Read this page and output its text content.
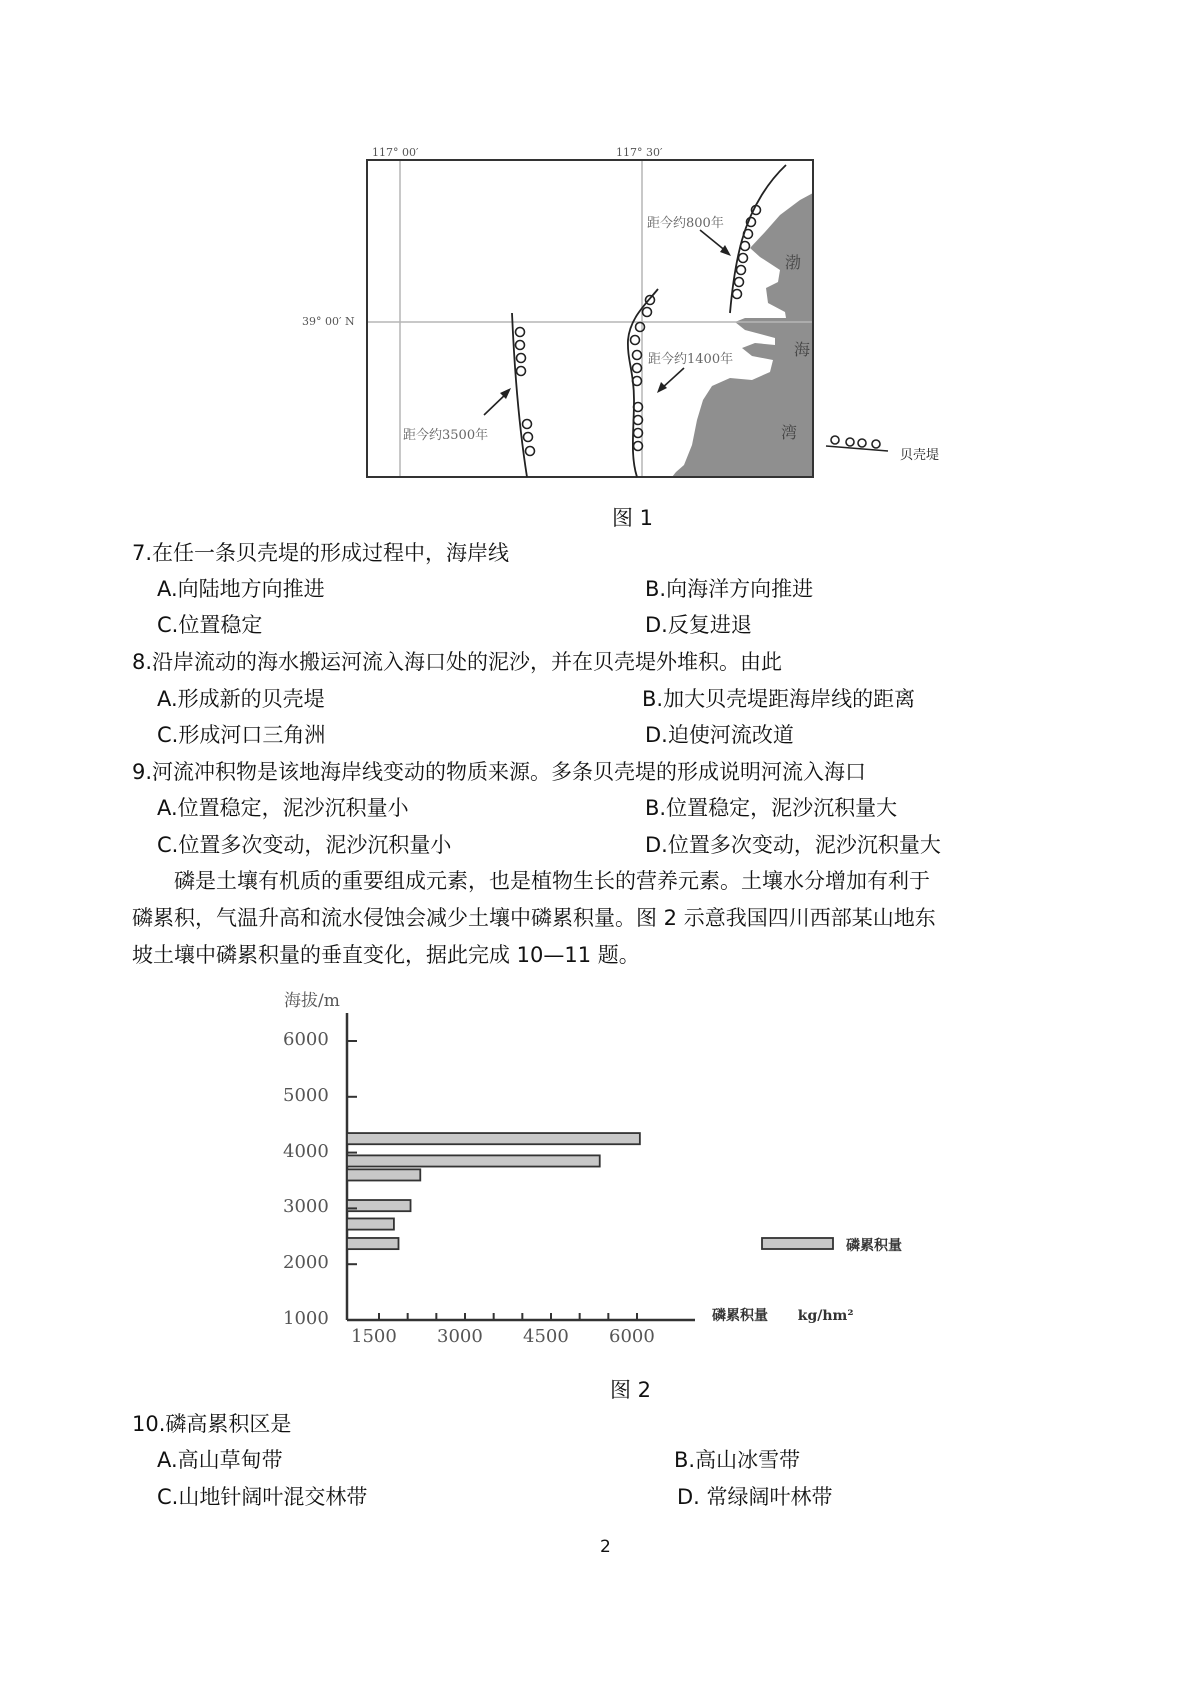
117° 00′	117° 30′
39° 00′ N
距今约800年
距今约1400年
距今约3500年
渤
海
湾
贝壳堤
图 1
7.在任一条贝壳堤的形成过程中，海岸线
A.向陆地方向推进	B.向海洋方向推进
C.位置稳定	D.反复进退
8.沿岸流动的海水搬运河流入海口处的泥沙，并在贝壳堤外堆积。由此
A.形成新的贝壳堤	B.加大贝壳堤距海岸线的距离
C.形成河口三角洲	D.迫使河流改道
9.河流冲积物是该地海岸线变动的物质来源。多条贝壳堤的形成说明河流入海口
A.位置稳定，泥沙沉积量小	B.位置稳定，泥沙沉积量大
C.位置多次变动，泥沙沉积量小	D.位置多次变动，泥沙沉积量大
磷是土壤有机质的重要组成元素，也是植物生长的营养元素。土壤水分增加有利于
磷累积，气温升高和流水侵蚀会减少土壤中磷累积量。图 2 示意我国四川西部某山地东
坡土壤中磷累积量的垂直变化，据此完成 10—11 题。
海拔/m
6000
5000
4000
3000
2000
1000
1500 3000 4500 6000
磷累积量
磷累积量 kg/hm²
图 2
10.磷高累积区是
A.高山草甸带	B.高山冰雪带
C.山地针阔叶混交林带	D. 常绿阔叶林带
2
